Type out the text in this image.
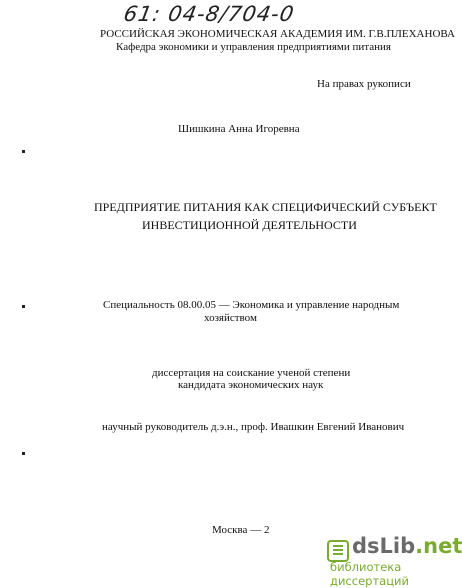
61: 04-8/704-0
РОССИЙСКАЯ ЭКОНОМИЧЕСКАЯ АКАДЕМИЯ ИМ. Г.В.ПЛЕХАНОВА
Кафедра экономики и управления предприятиями питания
На правах рукописи
Шишкина Анна Игоревна
ПРЕДПРИЯТИЕ ПИТАНИЯ КАК СПЕЦИФИЧЕСКИЙ СУБЪЕКТ
ИНВЕСТИЦИОННОЙ ДЕЯТЕЛЬНОСТИ
Специальность 08.00.05 — Экономика и управление народным
хозяйством
диссертация на соискание ученой степени
кандидата экономических наук
научный руководитель д.э.н., проф. Ивашкин Евгений Иванович
Москва — 2
dsLib.net
библиотека диссертаций
